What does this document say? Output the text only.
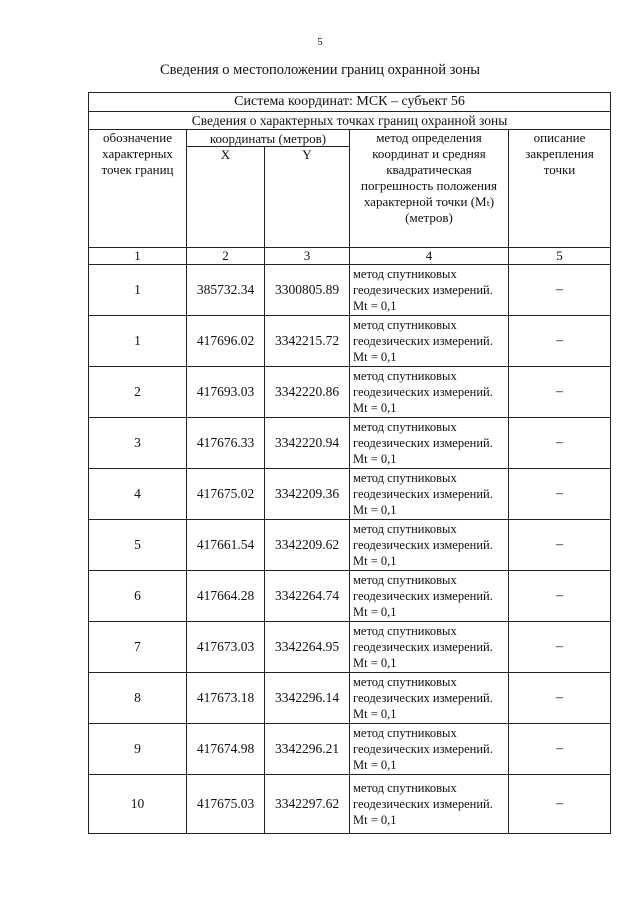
5
Сведения о местоположении границ охранной зоны
Система координат: МСК – субъект 56				
Сведения о характерных точках границ охранной зоны				
обозначение характерных точек границ	координаты (метров)		метод определения координат и средняя квадратическая погрешность положения характерной точки (Mₜ) (метров)	описание закрепления точки
	X	Y		
1	2	3	4	5
1	385732.34	3300805.89	метод спутниковых геодезических измерений. Mt = 0,1	–
1	417696.02	3342215.72	метод спутниковых геодезических измерений. Mt = 0,1	–
2	417693.03	3342220.86	метод спутниковых геодезических измерений. Mt = 0,1	–
3	417676.33	3342220.94	метод спутниковых геодезических измерений. Mt = 0,1	–
4	417675.02	3342209.36	метод спутниковых геодезических измерений. Mt = 0,1	–
5	417661.54	3342209.62	метод спутниковых геодезических измерений. Mt = 0,1	–
6	417664.28	3342264.74	метод спутниковых геодезических измерений. Mt = 0,1	–
7	417673.03	3342264.95	метод спутниковых геодезических измерений. Mt = 0,1	–
8	417673.18	3342296.14	метод спутниковых геодезических измерений. Mt = 0,1	–
9	417674.98	3342296.21	метод спутниковых геодезических измерений. Mt = 0,1	–
10	417675.03	3342297.62	метод спутниковых геодезических измерений. Mt = 0,1	–
